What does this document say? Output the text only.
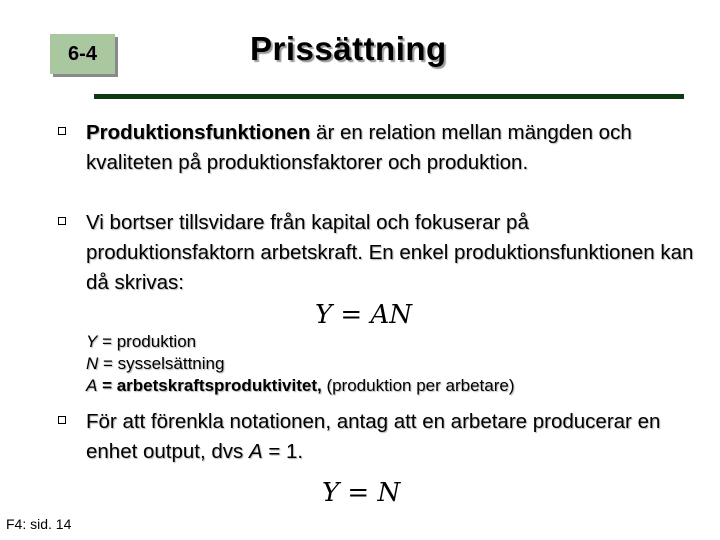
6-4	Prissättning
Produktionsfunktionen är en relation mellan mängden och kvaliteten på produktionsfaktorer och produktion.
Vi bortser tillsvidare från kapital och fokuserar på produktionsfaktorn arbetskraft. En enkel produktionsfunktionen kan då skrivas:
Y = AN
Y = produktion
N = sysselsättning
A = arbetskraftsproduktivitet, (produktion per arbetare)
För att förenkla notationen, antag att en arbetare producerar en enhet output, dvs A = 1.
Y = N
F4: sid. 14
